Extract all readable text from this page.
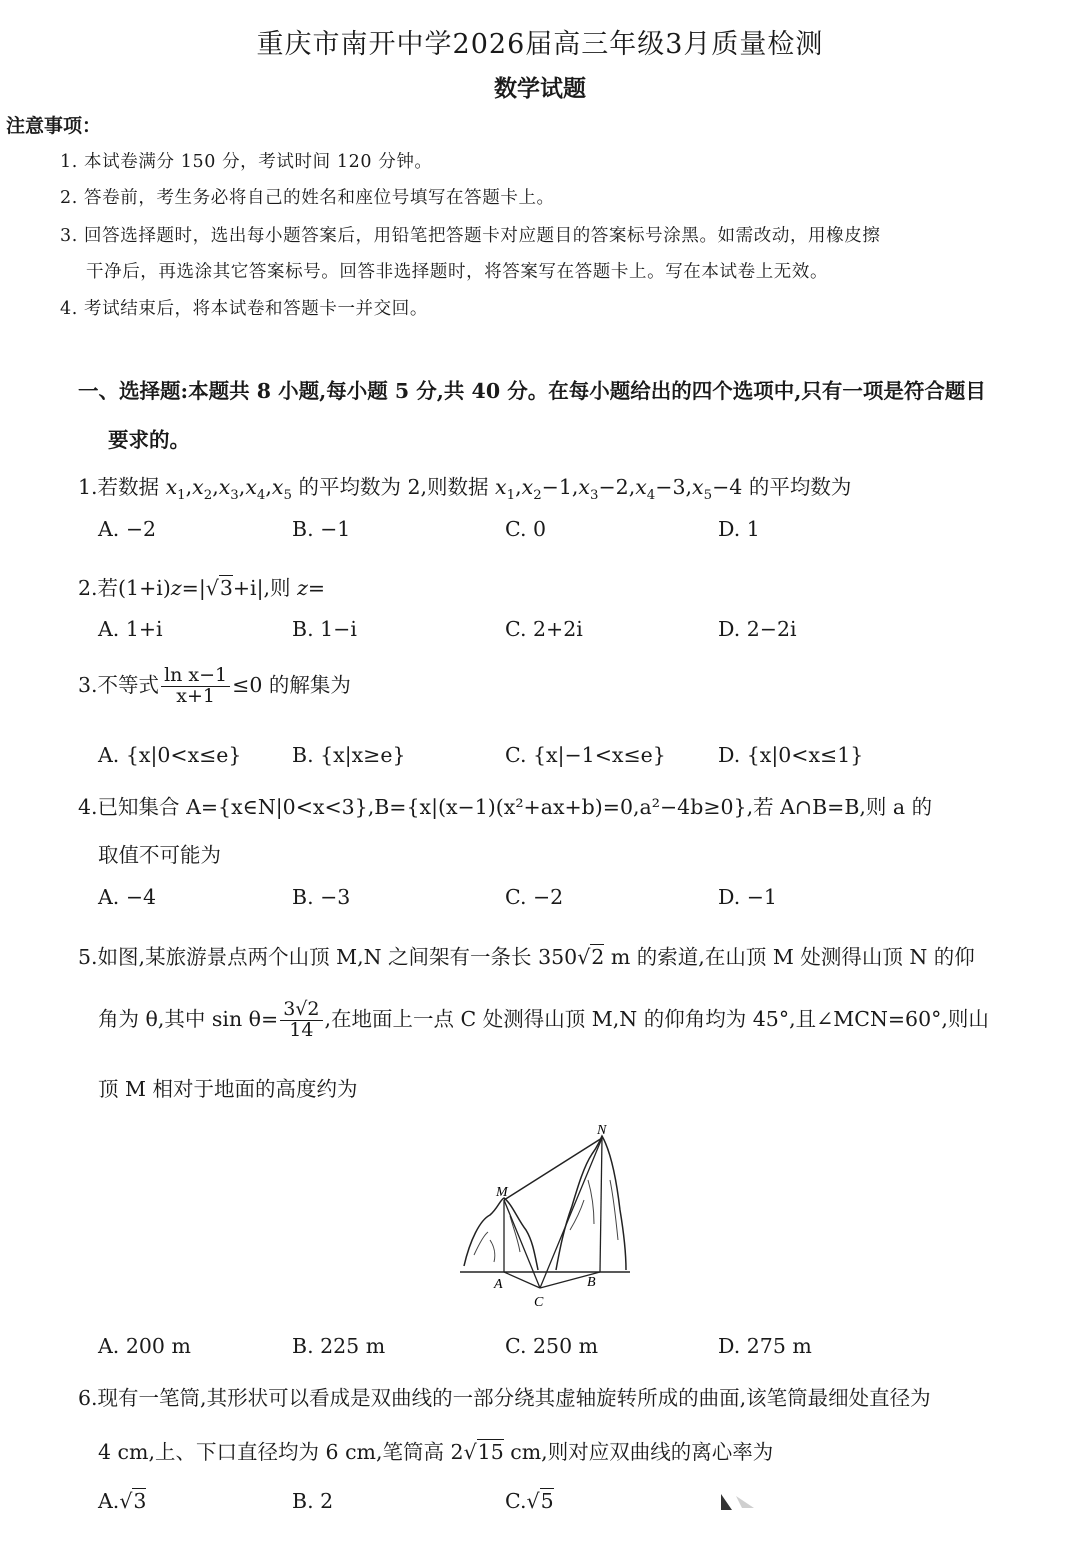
重庆市南开中学2026届高三年级3月质量检测
数学试题
注意事项：
1. 本试卷满分 150 分，考试时间 120 分钟。
2. 答卷前，考生务必将自己的姓名和座位号填写在答题卡上。
3. 回答选择题时，选出每小题答案后，用铅笔把答题卡对应题目的答案标号涂黑。如需改动，用橡皮擦
干净后，再选涂其它答案标号。回答非选择题时，将答案写在答题卡上。写在本试卷上无效。
4. 考试结束后，将本试卷和答题卡一并交回。
一、选择题:本题共 8 小题,每小题 5 分,共 40 分。在每小题给出的四个选项中,只有一项是符合题目
要求的。
1.若数据 $x_1,x_2,x_3,x_4,x_5$ 的平均数为 2,则数据 $x_1,x_2-1,x_3-2,x_4-3,x_5-4$ 的平均数为
A. −2	B. −1	C. 0	D. 1
2.若(1+i)z=|√3+i|,则 z=
A. 1+i	B. 1−i	C. 2+2i	D. 2−2i
3.不等式 $\frac{\text{ln x−1}}{x+1} \le 0$ 的解集为
A. {x|0<x≤e} B. {x|x≥e}	C. {x|−1<x≤e}	D. {x|0<x≤1}
4.已知集合 A={x∈N|0<x<3},B={x|(x−1)(x²+ax+b)=0,a²−4b≥0},若 A∩B=B,则 a 的
取值不可能为
A. −4	B. −3	C. −2	D. −1
5.如图,某旅游景点两个山顶 M,N 之间架有一条长 350√2 m 的索道,在山顶 M 处测得山顶 N 的仰
角为 θ,其中 $\sin \theta= \frac{3√2}{14}$ ,在地面上一点 C 处测得山顶 M,N 的仰角均为 45°,且∠MCN=60°,则山
顶 M 相对于地面的高度约为
M
N
A	B
C
A. 200 m	B. 225 m	C. 250 m	D. 275 m
6.现有一笔筒,其形状可以看成是双曲线的一部分绕其虚轴旋转所成的曲面,该笔筒最细处直径为
4 cm,上、下口直径均为 6 cm,笔筒高 2√15 cm,则对应双曲线的离心率为
A.√3	B. 2	C.√5
